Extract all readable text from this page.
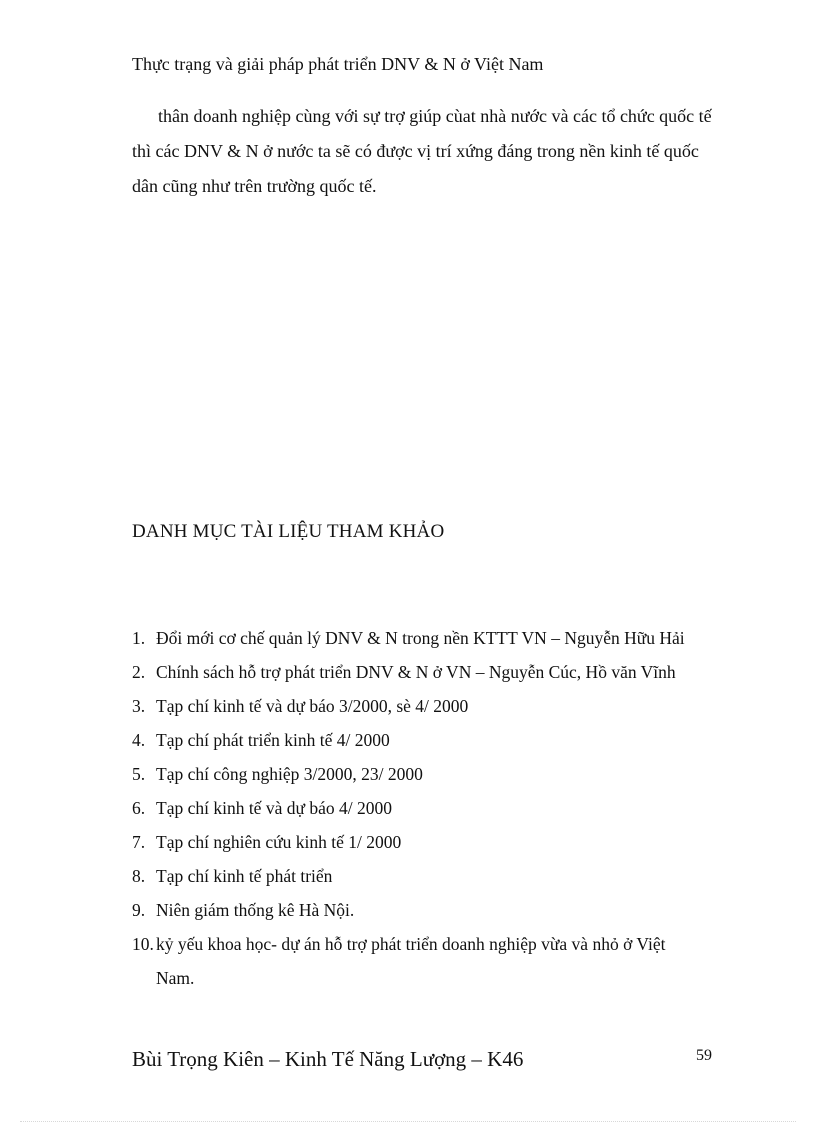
Thực trạng và giải pháp phát triển DNV & N ở Việt Nam
thân doanh nghiệp cùng với sự trợ giúp cùat nhà nước và các tổ chức quốc tế
thì các DNV & N ở nước ta sẽ có được vị trí xứng đáng trong nền kinh tế quốc
dân cũng như trên trường quốc tế.
DANH MỤC TÀI LIỆU THAM KHẢO
1. Đổi mới cơ chế quản lý DNV & N trong nền KTTT VN – Nguyễn Hữu Hải
2. Chính sách hỗ trợ phát triển DNV & N ở VN – Nguyễn Cúc, Hồ văn Vĩnh
3. Tạp chí kinh tế và dự báo 3/2000, sè 4/ 2000
4. Tạp chí phát triển kinh tế 4/ 2000
5. Tạp chí công nghiệp 3/2000, 23/ 2000
6. Tạp chí kinh tế và dự báo 4/ 2000
7. Tạp chí nghiên cứu kinh tế 1/ 2000
8. Tạp chí kinh tế phát triển
9. Niên giám thống kê Hà Nội.
10. kỷ yếu khoa học- dự án hỗ trợ phát triển doanh nghiệp vừa và nhỏ ở Việt
Nam.
Bùi Trọng Kiên – Kinh Tế Năng Lượng – K46	59
